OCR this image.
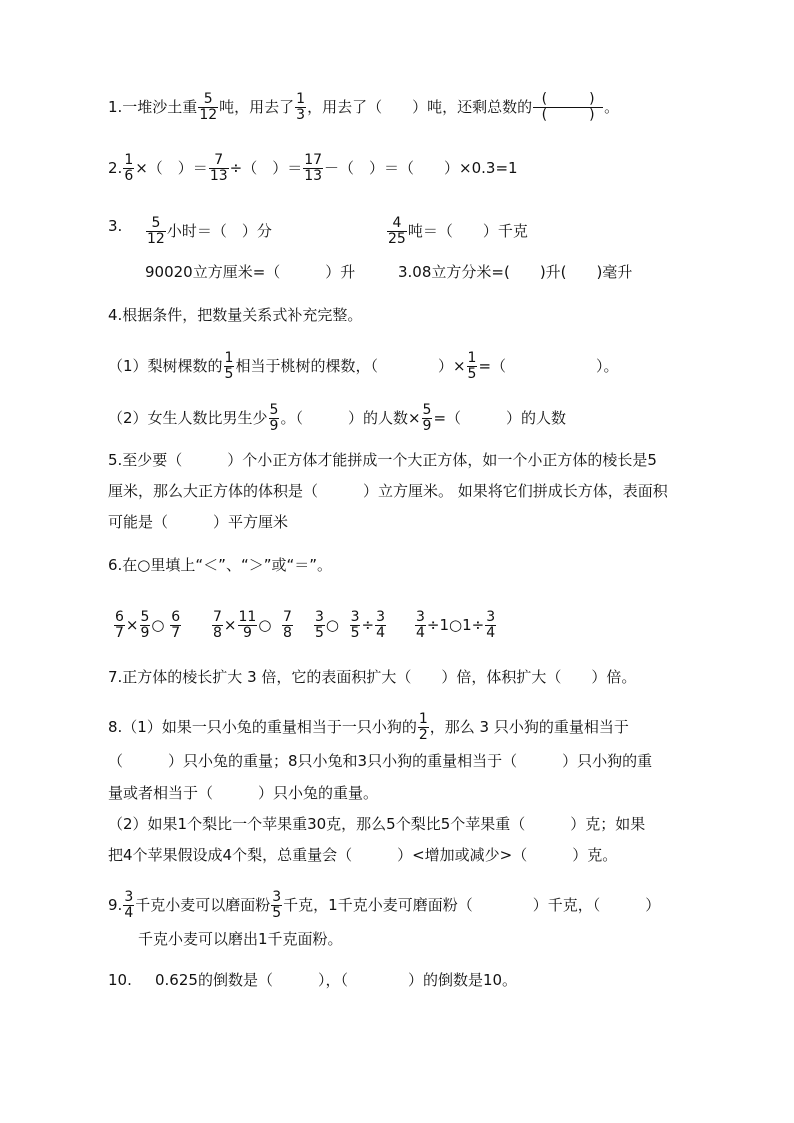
1.一堆沙土重 $\frac{5}{12}$ 吨，用去了 $\frac{1}{3}$ ，用去了（　　）吨，还剩总数的 $\frac{( )}{( )}$ 。
2. $\frac{1}{6}$ ×（　）＝ $\frac{7}{13}$ ÷（　）＝ $\frac{17}{13}$ －（　）＝（　　）×0.3=1
3. $\frac{5}{12}$ 小时＝（　）分	$\frac{4}{25}$ 吨＝（　　）千克
90020立方厘米=（　　　）升	3.08立方分米=(　　)升(　　)毫升
4.根据条件，把数量关系式补充完整。
（1）梨树棵数的 $\frac{1}{5}$ 相当于桃树的棵数，（　　　　）× $\frac{1}{5}$ =（　　　　　　）。
（2）女生人数比男生少 $\frac{5}{9}$ 。（　　　）的人数× $\frac{5}{9}$ =（　　　）的人数
5.至少要（　　　）个小正方体才能拼成一个大正方体，如一个小正方体的棱长是5
厘米，那么大正方体的体积是（　　　）立方厘米。 如果将它们拼成长方体，表面积
可能是（　　　）平方厘米
6.在○里填上“＜”、“＞”或“＝”。
$\frac{6}{7} \times \frac{5}{9}$ ○ $\frac{6}{7} \frac{7}{8} \times \frac{11}{9}$ ○ $\frac{7}{8} \frac{3}{5}$ ○ $\frac{3}{5} \div \frac{3}{4} \frac{3}{4}$ ÷1○1÷ $\frac{3}{4}$
7.正方体的棱长扩大 3 倍，它的表面积扩大（　　）倍，体积扩大（　　）倍。
8.（1）如果一只小兔的重量相当于一只小狗的 $\frac{1}{2}$ ，那么 3 只小狗的重量相当于
（　　　）只小兔的重量；8只小兔和3只小狗的重量相当于（　　　）只小狗的重
量或者相当于（　　　）只小兔的重量。
（2）如果1个梨比一个苹果重30克，那么5个梨比5个苹果重（　　　）克；如果
把4个苹果假设成4个梨，总重量会（　　　）<增加或减少>（　　　）克。
9. $\frac{3}{4}$ 千克小麦可以磨面粉 $\frac{3}{5}$ 千克，1千克小麦可磨面粉（　　　　）千克，（　　　）
千克小麦可以磨出1千克面粉。
10. 0.625的倒数是（　　　），（　　　　）的倒数是10。
